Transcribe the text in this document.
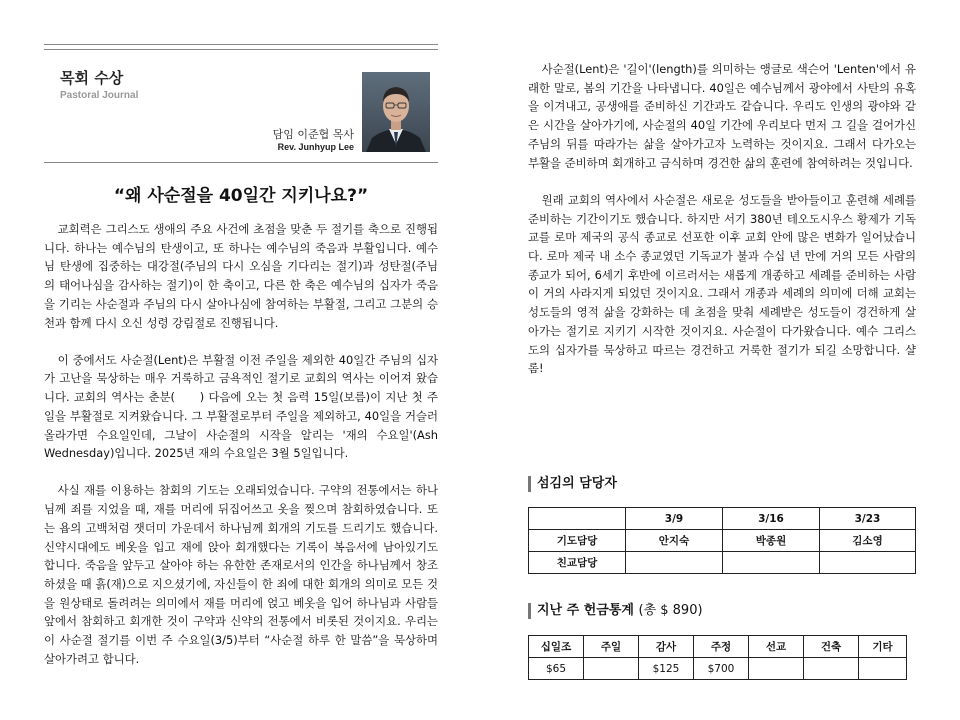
목회 수상
Pastoral Journal
담임 이준협 목사
Rev. Junhyup Lee
“왜 사순절을 40일간 지키나요?”

교회력은 그리스도 생애의 주요 사건에 초점을 맞춘 두 절기를 축으로 진행됩니다. 하나는 예수님의 탄생이고, 또 하나는 예수님의 죽음과 부활입니다. 예수님 탄생에 집중하는 대강절(주님의 다시 오심을 기다리는 절기)과 성탄절(주님의 태어나심을 감사하는 절기)이 한 축이고, 다른 한 축은 예수님의 십자가 죽음을 기리는 사순절과 주님의 다시 살아나심에 참여하는 부활절, 그리고 그분의 승천과 함께 다시 오신 성령 강림절로 진행됩니다.

이 중에서도 사순절(Lent)은 부활절 이전 주일을 제외한 40일간 주님의 십자가 고난을 묵상하는 매우 거룩하고 금욕적인 절기로 교회의 역사는 이어져 왔습니다. 교회의 역사는 춘분(　　) 다음에 오는 첫 음력 15일(보름)이 지난 첫 주일을 부활절로 지켜왔습니다. 그 부활절로부터 주일을 제외하고, 40일을 거슬러 올라가면 수요일인데, 그날이 사순절의 시작을 알리는 '재의 수요일'(Ash Wednesday)입니다. 2025년 재의 수요일은 3월 5일입니다.

사실 재를 이용하는 참회의 기도는 오래되었습니다. 구약의 전통에서는 하나님께 죄를 지었을 때, 재를 머리에 뒤집어쓰고 옷을 찢으며 참회하였습니다. 또는 욥의 고백처럼 잿더미 가운데서 하나님께 회개의 기도를 드리기도 했습니다. 신약시대에도 베옷을 입고 재에 앉아 회개했다는 기록이 복음서에 남아있기도 합니다. 죽음을 앞두고 살아야 하는 유한한 존재로서의 인간을 하나님께서 창조하셨을 때 흙(재)으로 지으셨기에, 자신들이 한 죄에 대한 회개의 의미로 모든 것을 원상태로 돌려려는 의미에서 재를 머리에 얹고 베옷을 입어 하나님과 사람들 앞에서 참회하고 회개한 것이 구약과 신약의 전통에서 비롯된 것이지요. 우리는 이 사순절 절기를 이번 주 수요일(3/5)부터 “사순절 하루 한 말씀”을 묵상하며 살아가려고 합니다.

사순절(Lent)은 '길이'(length)를 의미하는 앵글로 색슨어 'Lenten'에서 유래한 말로, 봄의 기간을 나타냅니다. 40일은 예수님께서 광야에서 사탄의 유혹을 이겨내고, 공생애를 준비하신 기간과도 같습니다. 우리도 인생의 광야와 같은 시간을 살아가기에, 사순절의 40일 기간에 우리보다 먼저 그 길을 걸어가신 주님의 뒤를 따라가는 삶을 살아가고자 노력하는 것이지요. 그래서 다가오는 부활을 준비하며 회개하고 금식하며 경건한 삶의 훈련에 참여하려는 것입니다.

원래 교회의 역사에서 사순절은 새로운 성도들을 받아들이고 훈련해 세례를 준비하는 기간이기도 했습니다. 하지만 서기 380년 테오도시우스 황제가 기독교를 로마 제국의 공식 종교로 선포한 이후 교회 안에 많은 변화가 일어났습니다. 로마 제국 내 소수 종교였던 기독교가 불과 수십 년 만에 거의 모든 사람의 종교가 되어, 6세기 후반에 이르러서는 새롭게 개종하고 세례를 준비하는 사람이 거의 사라지게 되었던 것이지요. 그래서 개종과 세례의 의미에 더해 교회는 성도들의 영적 삶을 강화하는 데 초점을 맞춰 세례받은 성도들이 경건하게 살아가는 절기로 지키기 시작한 것이지요. 사순절이 다가왔습니다. 예수 그리스도의 십자가를 묵상하고 따르는 경건하고 거룩한 절기가 되길 소망합니다. 샬롬!

섬김의 담당자
	3/9	3/16	3/23
기도담당	안지숙	박종원	김소영
친교담당			
지난 주 헌금통계 (총 $ 890)
십일조	주일	감사	주정	선교	건축	기타
$65		$125	$700			
